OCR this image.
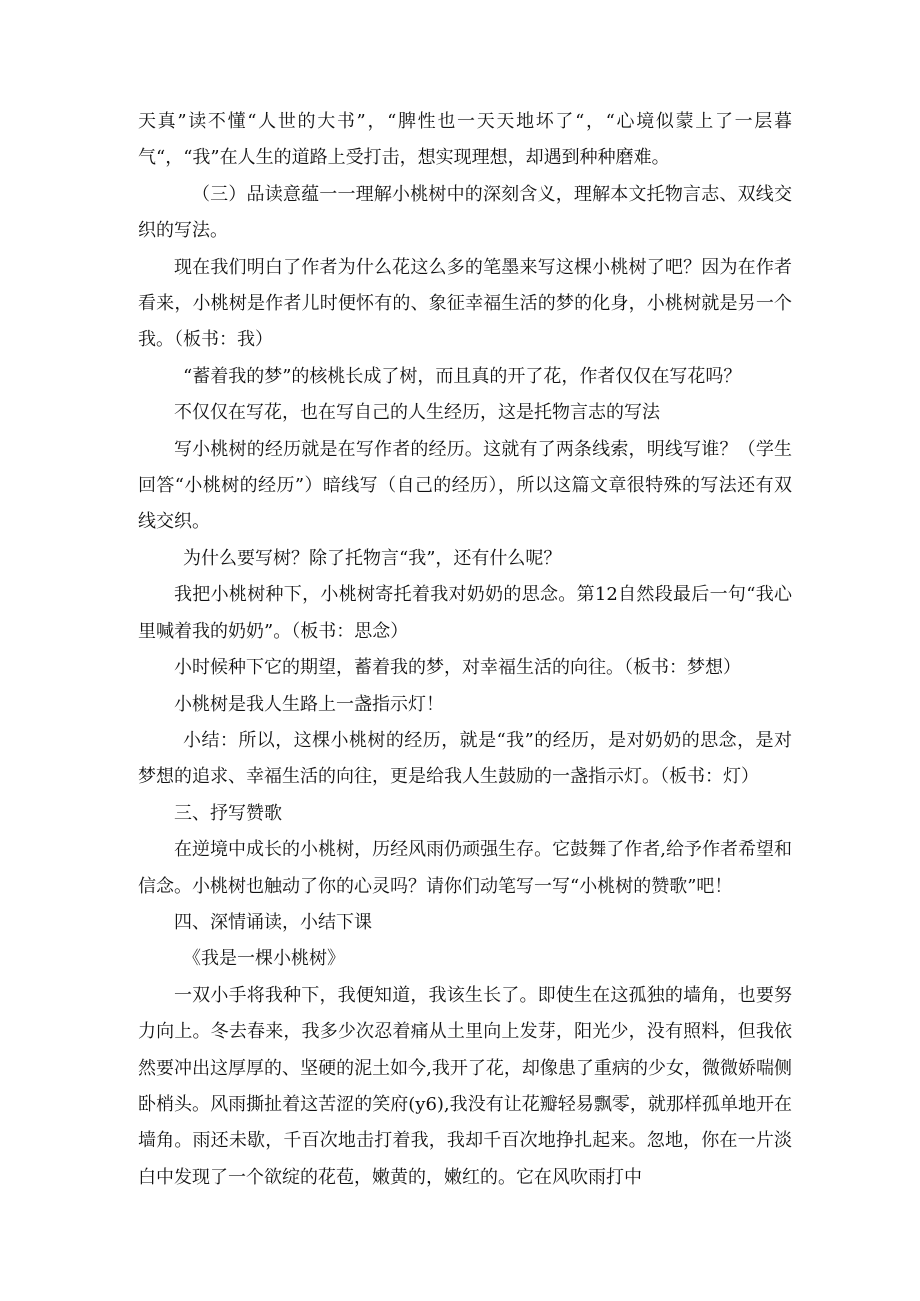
天真”读不懂“人世的大书”，“脾性也一天天地坏了“，“心境似蒙上了一层暮气“，“我”在人生的道路上受打击，想实现理想，却遇到种种磨难。

（三）品读意蕴一一理解小桃树中的深刻含义，理解本文托物言志、双线交织的写法。

现在我们明白了作者为什么花这么多的笔墨来写这棵小桃树了吧？因为在作者看来，小桃树是作者儿时便怀有的、象征幸福生活的梦的化身，小桃树就是另一个我。（板书：我）

“蓄着我的梦”的核桃长成了树，而且真的开了花，作者仅仅在写花吗？

不仅仅在写花，也在写自己的人生经历，这是托物言志的写法

写小桃树的经历就是在写作者的经历。这就有了两条线索，明线写谁？（学生回答“小桃树的经历”）暗线写（自己的经历），所以这篇文章很特殊的写法还有双线交织。

为什么要写树？除了托物言“我”，还有什么呢？

我把小桃树种下，小桃树寄托着我对奶奶的思念。第12自然段最后一句“我心里喊着我的奶奶”。（板书：思念）

小时候种下它的期望，蓄着我的梦，对幸福生活的向往。（板书：梦想）

小桃树是我人生路上一盏指示灯！

小结：所以，这棵小桃树的经历，就是“我”的经历，是对奶奶的思念，是对梦想的追求、幸福生活的向往，更是给我人生鼓励的一盏指示灯。（板书：灯）

三、抒写赞歌

在逆境中成长的小桃树，历经风雨仍顽强生存。它鼓舞了作者,给予作者希望和信念。小桃树也触动了你的心灵吗？请你们动笔写一写“小桃树的赞歌”吧！

四、深情诵读，小结下课

《我是一棵小桃树》

一双小手将我种下，我便知道，我该生长了。即使生在这孤独的墙角，也要努力向上。冬去春来，我多少次忍着痛从土里向上发芽，阳光少，没有照料，但我依然要冲出这厚厚的、坚硬的泥土如今,我开了花，却像患了重病的少女，微微娇喘侧卧梢头。风雨撕扯着这苦涩的笑府(y6),我没有让花瓣轻易飘零，就那样孤单地开在墙角。雨还未歇，千百次地击打着我，我却千百次地挣扎起来。忽地，你在一片淡白中发现了一个欲绽的花苞，嫩黄的，嫩红的。它在风吹雨打中
